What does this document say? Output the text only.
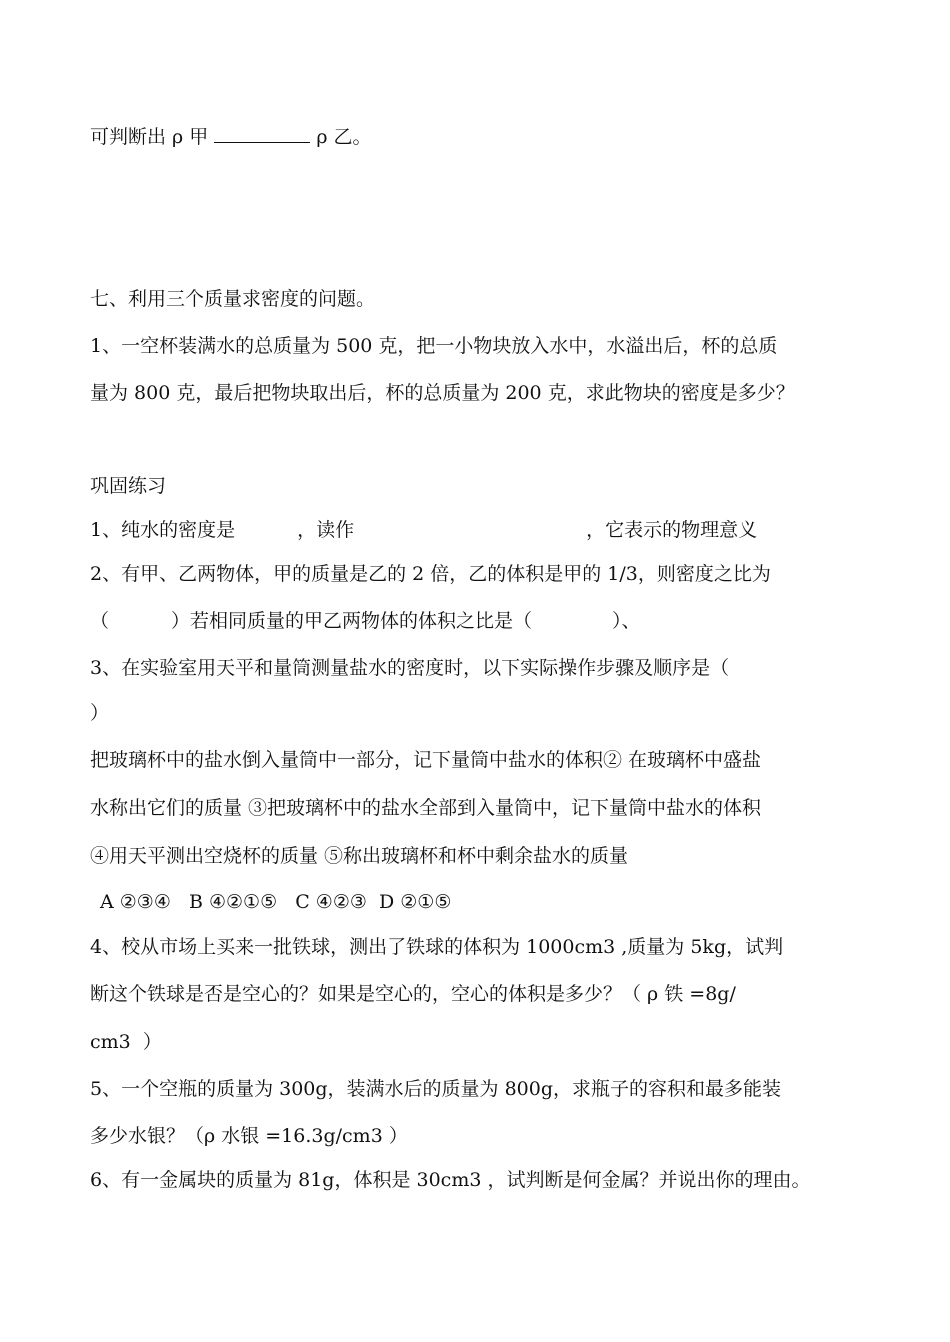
可判断出 ρ 甲	ρ 乙。
七、利用三个质量求密度的问题。
1、一空杯装满水的总质量为 500 克，把一小物块放入水中，水溢出后，杯的总质
量为 800 克，最后把物块取出后，杯的总质量为 200 克，求此物块的密度是多少？
巩固练习
1、纯水的密度是	，读作	，它表示的物理意义
2、有甲、乙两物体，甲的质量是乙的 2 倍，乙的体积是甲的 1/3，则密度之比为
（	）若相同质量的甲乙两物体的体积之比是（	）、
3、在实验室用天平和量筒测量盐水的密度时，以下实际操作步骤及顺序是（
）
把玻璃杯中的盐水倒入量筒中一部分，记下量筒中盐水的体积② 在玻璃杯中盛盐
水称出它们的质量 ③把玻璃杯中的盐水全部到入量筒中，记下量筒中盐水的体积
④用天平测出空烧杯的质量 ⑤称出玻璃杯和杯中剩余盐水的质量
A ②③④   B ④②①⑤   C ④②③  D ②①⑤
4、校从市场上买来一批铁球，测出了铁球的体积为 1000cm3 ,质量为 5kg，试判
断这个铁球是否是空心的？如果是空心的，空心的体积是多少？（ ρ 铁 =8g/
cm3  ）
5、一个空瓶的质量为 300g，装满水后的质量为 800g，求瓶子的容积和最多能装
多少水银？（ρ 水银 =16.3g/cm3 ）
6、有一金属块的质量为 81g，体积是 30cm3 ，试判断是何金属？并说出你的理由。
